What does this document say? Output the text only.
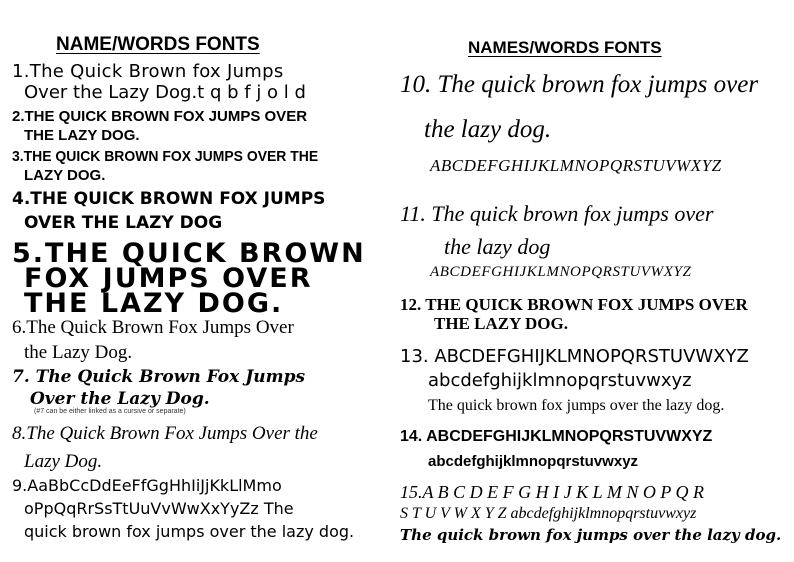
NAME/WORDS FONTS
1.The Quick Brown fox Jumps
Over the Lazy Dog.t q b f j o l d
2.THE QUICK BROWN FOX JUMPS OVER
THE LAZY DOG.
3.THE QUICK BROWN FOX JUMPS OVER THE
LAZY DOG.
4.THE QUICK BROWN FOX JUMPS
OVER THE LAZY DOG
5.THE QUICK BROWN
FOX JUMPS OVER
THE LAZY DOG.
6.The Quick Brown Fox Jumps Over
the Lazy Dog.
7. The Quick Brown Fox Jumps
Over the Lazy Dog.
(#7 can be either linked as a cursive or separate)
8.The Quick Brown Fox Jumps Over the
Lazy Dog.
9.AaBbCcDdEeFfGgHhIiJjKkLlMmo
oPpQqRrSsTtUuVvWwXxYyZz The
quick brown fox jumps over the lazy dog.
NAMES/WORDS FONTS
10. The quick brown fox jumps over
the lazy dog.
ABCDEFGHIJKLMNOPQRSTUVWXYZ
11. The quick brown fox jumps over
the lazy dog
ABCDEFGHIJKLMNOPQRSTUVWXYZ
12. THE QUICK BROWN FOX JUMPS OVER
THE LAZY DOG.
13. ABCDEFGHIJKLMNOPQRSTUVWXYZ
abcdefghijklmnopqrstuvwxyz
The quick brown fox jumps over the lazy dog.
14. ABCDEFGHIJKLMNOPQRSTUVWXYZ
abcdefghijklmnopqrstuvwxyz
15.A B C D E F G H I J K L M N O P Q R
S T U V W X Y Z abcdefghijklmnopqrstuvwxyz
The quick brown fox jumps over the lazy dog.
